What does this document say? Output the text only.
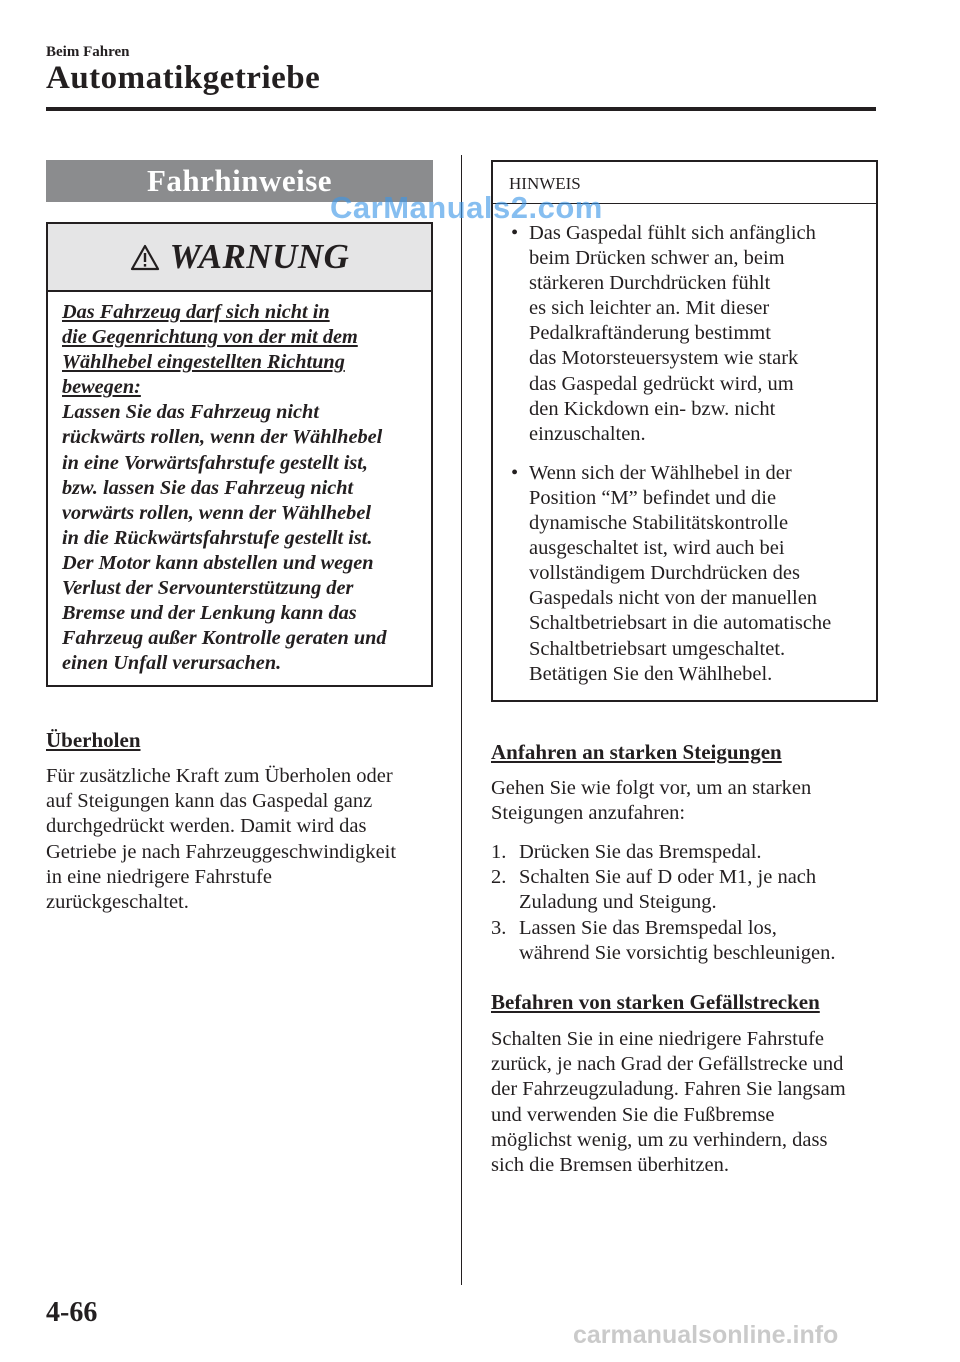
Beim Fahren
Automatikgetriebe
Fahrhinweise
WARNUNG
Das Fahrzeug darf sich nicht in
die Gegenrichtung von der mit dem
Wählhebel eingestellten Richtung
bewegen:
Lassen Sie das Fahrzeug nicht
rückwärts rollen, wenn der Wählhebel
in eine Vorwärtsfahrstufe gestellt ist,
bzw. lassen Sie das Fahrzeug nicht
vorwärts rollen, wenn der Wählhebel
in die Rückwärtsfahrstufe gestellt ist.
Der Motor kann abstellen und wegen
Verlust der Servounterstützung der
Bremse und der Lenkung kann das
Fahrzeug außer Kontrolle geraten und
einen Unfall verursachen.
Überholen

Für zusätzliche Kraft zum Überholen oder

auf Steigungen kann das Gaspedal ganz

durchgedrückt werden. Damit wird das

Getriebe je nach Fahrzeuggeschwindigkeit

in eine niedrigere Fahrstufe

zurückgeschaltet.

HINWEIS
• Das Gaspedal fühlt sich anfänglich
beim Drücken schwer an, beim
stärkeren Durchdrücken fühlt
es sich leichter an. Mit dieser
Pedalkraftänderung bestimmt
das Motorsteuersystem wie stark
das Gaspedal gedrückt wird, um
den Kickdown ein- bzw. nicht
einzuschalten.
• Wenn sich der Wählhebel in der
Position “M” befindet und die
dynamische Stabilitätskontrolle
ausgeschaltet ist, wird auch bei
vollständigem Durchdrücken des
Gaspedals nicht von der manuellen
Schaltbetriebsart in die automatische
Schaltbetriebsart umgeschaltet.
Betätigen Sie den Wählhebel.
Anfahren an starken Steigungen

Gehen Sie wie folgt vor, um an starken

Steigungen anzufahren:

1. Drücken Sie das Bremspedal.
2. Schalten Sie auf D oder M1, je nach
Zuladung und Steigung.
3. Lassen Sie das Bremspedal los,
während Sie vorsichtig beschleunigen.
Befahren von starken Gefällstrecken

Schalten Sie in eine niedrigere Fahrstufe

zurück, je nach Grad der Gefällstrecke und

der Fahrzeugzuladung. Fahren Sie langsam

und verwenden Sie die Fußbremse

möglichst wenig, um zu verhindern, dass

sich die Bremsen überhitzen.

4-66
CarManuals2.com
carmanualsonline.info
